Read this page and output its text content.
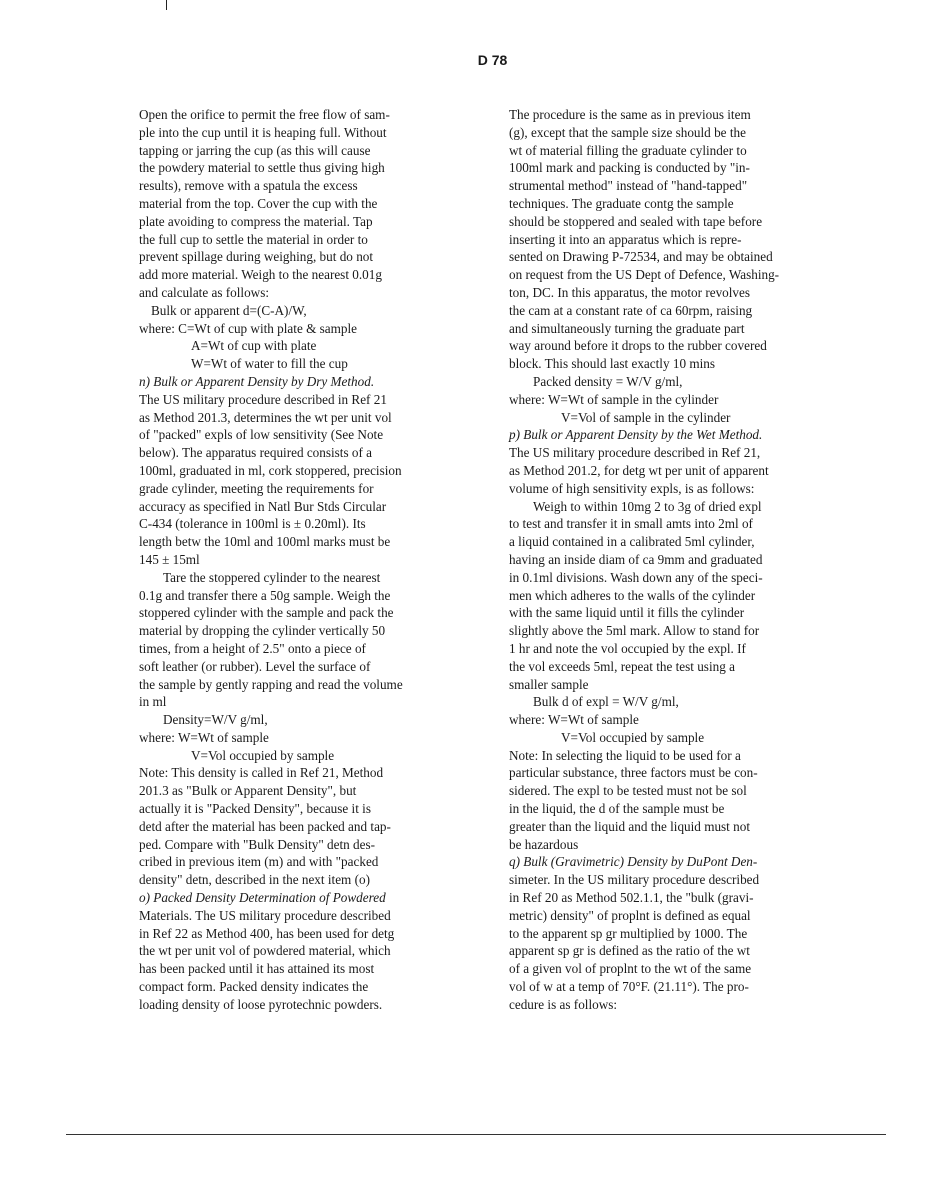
D 78
Open the orifice to permit the free flow of sam-
ple into the cup until it is heaping full. Without
tapping or jarring the cup (as this will cause
the powdery material to settle thus giving high
results), remove with a spatula the excess
material from the top. Cover the cup with the
plate avoiding to compress the material. Tap
the full cup to settle the material in order to
prevent spillage during weighing, but do not
add more material. Weigh to the nearest 0.01g
and calculate as follows:
Bulk or apparent d=(C-A)/W,
where: C=Wt of cup with plate & sample
A=Wt of cup with plate
W=Wt of water to fill the cup
n) Bulk or Apparent Density by Dry Method.
The US military procedure described in Ref 21
as Method 201.3, determines the wt per unit vol
of "packed" expls of low sensitivity (See Note
below). The apparatus required consists of a
100ml, graduated in ml, cork stoppered, precision
grade cylinder, meeting the requirements for
accuracy as specified in Natl Bur Stds Circular
C-434 (tolerance in 100ml is ± 0.20ml). Its
length betw the 10ml and 100ml marks must be
145 ± 15ml
Tare the stoppered cylinder to the nearest
0.1g and transfer there a 50g sample. Weigh the
stoppered cylinder with the sample and pack the
material by dropping the cylinder vertically 50
times, from a height of 2.5" onto a piece of
soft leather (or rubber). Level the surface of
the sample by gently rapping and read the volume
in ml
Density=W/V g/ml,
where: W=Wt of sample
V=Vol occupied by sample
Note: This density is called in Ref 21, Method
201.3 as "Bulk or Apparent Density", but
actually it is "Packed Density", because it is
detd after the material has been packed and tap-
ped. Compare with "Bulk Density" detn des-
cribed in previous item (m) and with "packed
density" detn, described in the next item (o)
o) Packed Density Determination of Powdered
Materials. The US military procedure described
in Ref 22 as Method 400, has been used for detg
the wt per unit vol of powdered material, which
has been packed until it has attained its most
compact form. Packed density indicates the
loading density of loose pyrotechnic powders.
The procedure is the same as in previous item
(g), except that the sample size should be the
wt of material filling the graduate cylinder to
100ml mark and packing is conducted by "in-
strumental method" instead of "hand-tapped"
techniques. The graduate contg the sample
should be stoppered and sealed with tape before
inserting it into an apparatus which is repre-
sented on Drawing P-72534, and may be obtained
on request from the US Dept of Defence, Washing-
ton, DC. In this apparatus, the motor revolves
the cam at a constant rate of ca 60rpm, raising
and simultaneously turning the graduate part
way around before it drops to the rubber covered
block. This should last exactly 10 mins
Packed density = W/V g/ml,
where: W=Wt of sample in the cylinder
V=Vol of sample in the cylinder
p) Bulk or Apparent Density by the Wet Method.
The US military procedure described in Ref 21,
as Method 201.2, for detg wt per unit of apparent
volume of high sensitivity expls, is as follows:
Weigh to within 10mg 2 to 3g of dried expl
to test and transfer it in small amts into 2ml of
a liquid contained in a calibrated 5ml cylinder,
having an inside diam of ca 9mm and graduated
in 0.1ml divisions. Wash down any of the speci-
men which adheres to the walls of the cylinder
with the same liquid until it fills the cylinder
slightly above the 5ml mark. Allow to stand for
1 hr and note the vol occupied by the expl. If
the vol exceeds 5ml, repeat the test using a
smaller sample
Bulk d of expl = W/V g/ml,
where: W=Wt of sample
V=Vol occupied by sample
Note: In selecting the liquid to be used for a
particular substance, three factors must be con-
sidered. The expl to be tested must not be sol
in the liquid, the d of the sample must be
greater than the liquid and the liquid must not
be hazardous
q) Bulk (Gravimetric) Density by DuPont Den-
simeter. In the US military procedure described
in Ref 20 as Method 502.1.1, the "bulk (gravi-
metric) density" of proplnt is defined as equal
to the apparent sp gr multiplied by 1000. The
apparent sp gr is defined as the ratio of the wt
of a given vol of proplnt to the wt of the same
vol of w at a temp of 70°F. (21.11°). The pro-
cedure is as follows:
